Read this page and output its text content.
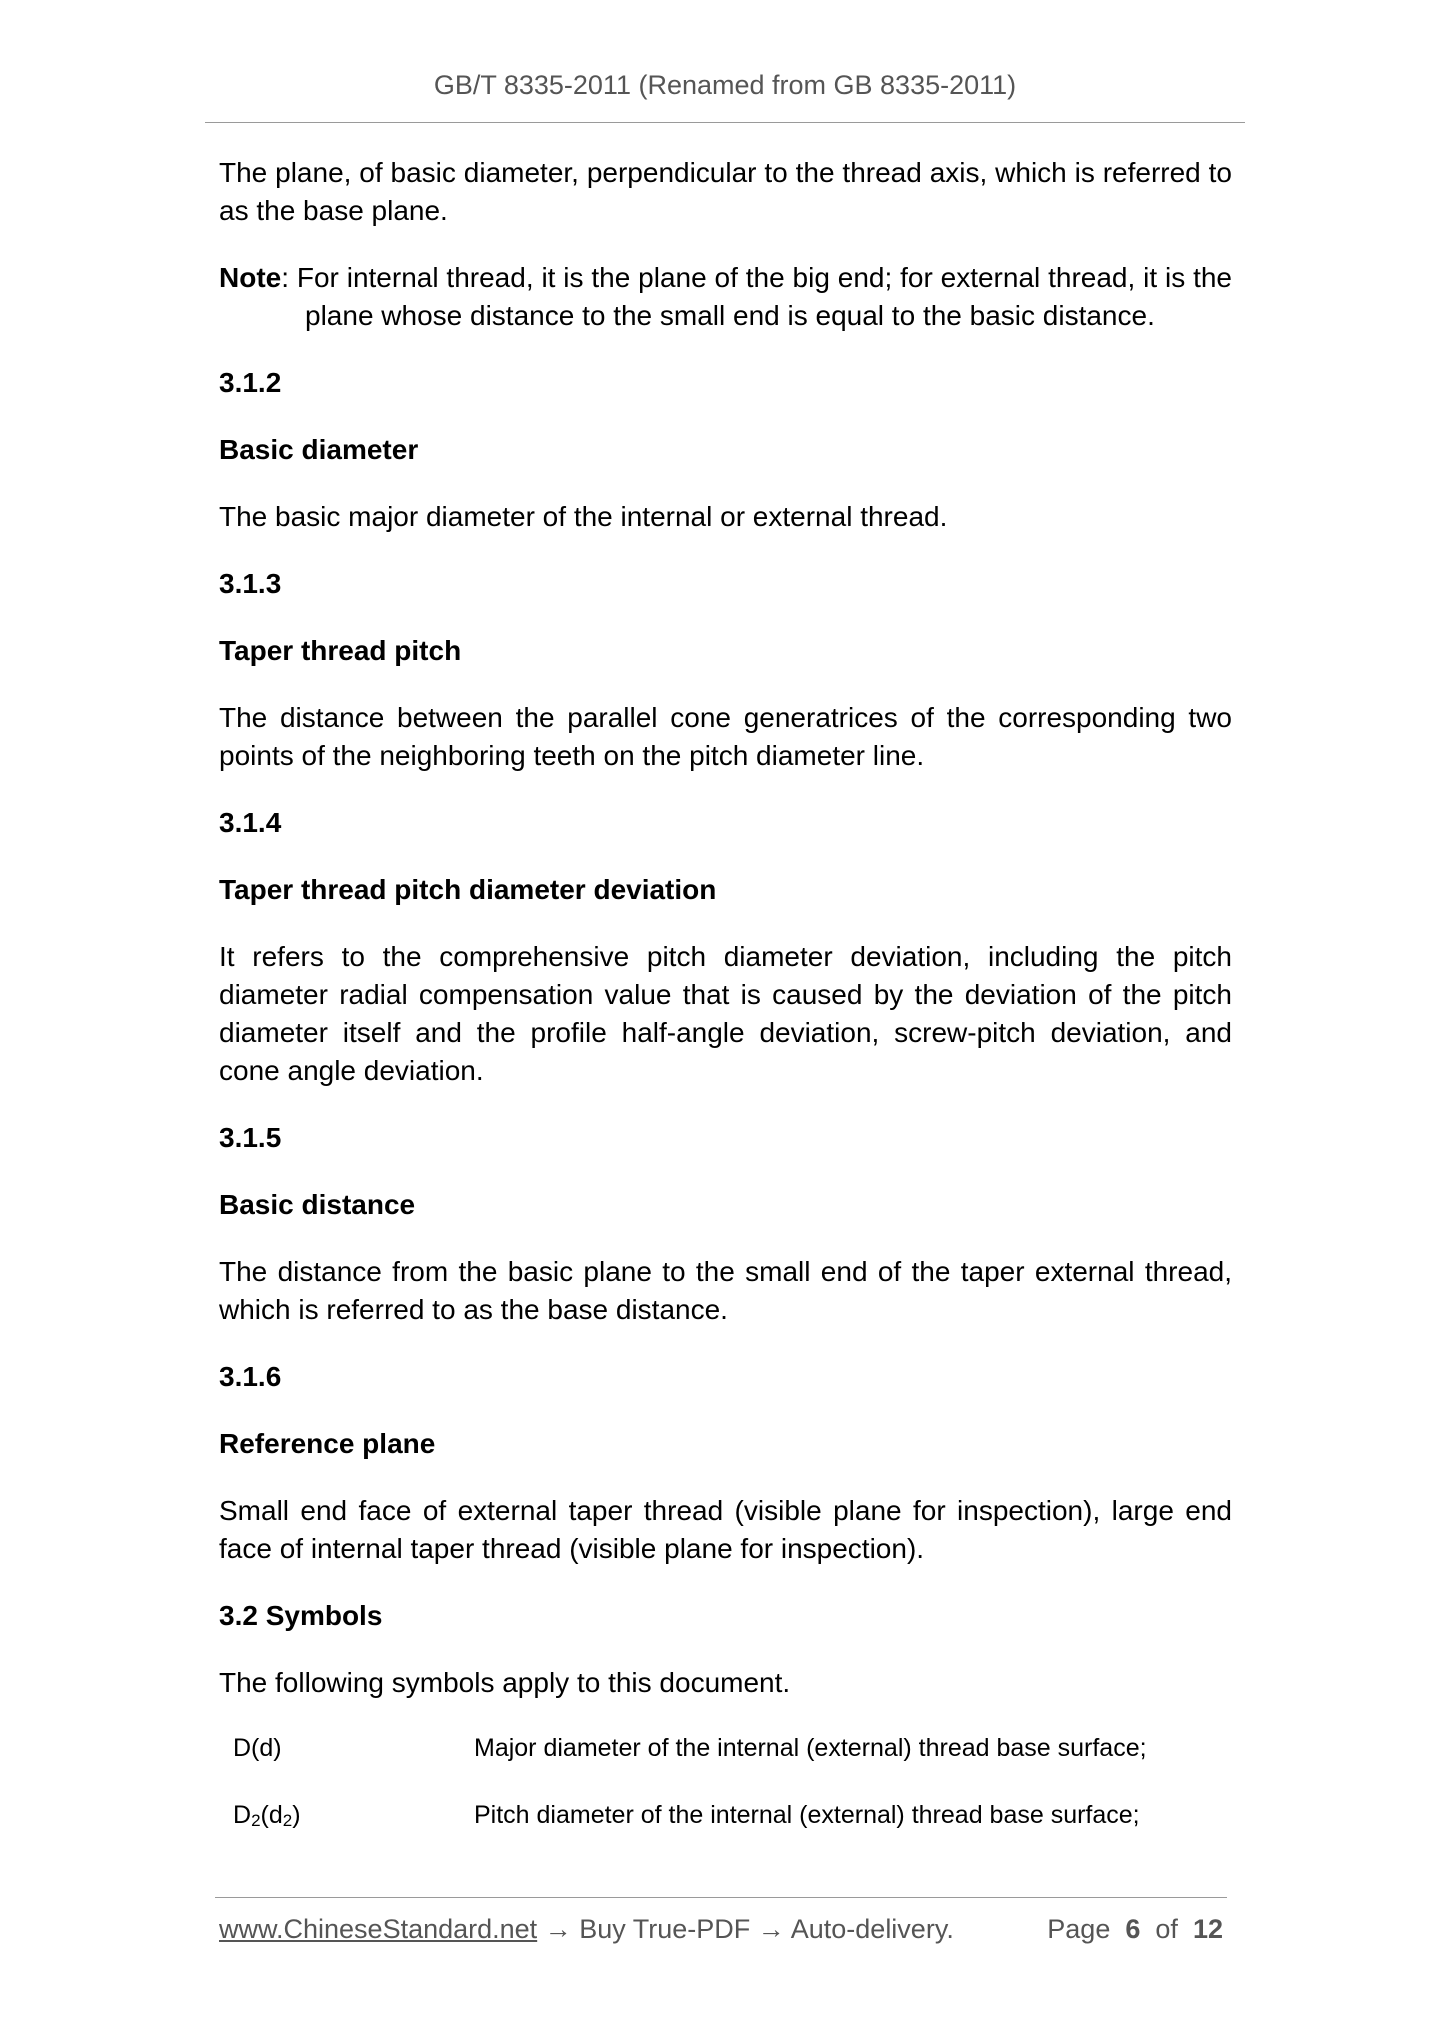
GB/T 8335-2011 (Renamed from GB 8335-2011)

The plane, of basic diameter, perpendicular to the thread axis, which is referred to as the base plane.

Note: For internal thread, it is the plane of the big end; for external thread, it is the plane whose distance to the small end is equal to the basic distance.

3.1.2
Basic diameter

The basic major diameter of the internal or external thread.

3.1.3
Taper thread pitch

The distance between the parallel cone generatrices of the corresponding two points of the neighboring teeth on the pitch diameter line.

3.1.4
Taper thread pitch diameter deviation

It refers to the comprehensive pitch diameter deviation, including the pitch diameter radial compensation value that is caused by the deviation of the pitch diameter itself and the profile half-angle deviation, screw-pitch deviation, and cone angle deviation.

3.1.5
Basic distance

The distance from the basic plane to the small end of the taper external thread, which is referred to as the base distance.

3.1.6
Reference plane

Small end face of external taper thread (visible plane for inspection), large end face of internal taper thread (visible plane for inspection).

3.2 Symbols

The following symbols apply to this document.

D(d)	Major diameter of the internal (external) thread base surface;
$D_2(d_2)$	Pitch diameter of the internal (external) thread base surface;
www.ChineseStandard.net → Buy True-PDF → Auto-delivery.	Page 6 of 12
